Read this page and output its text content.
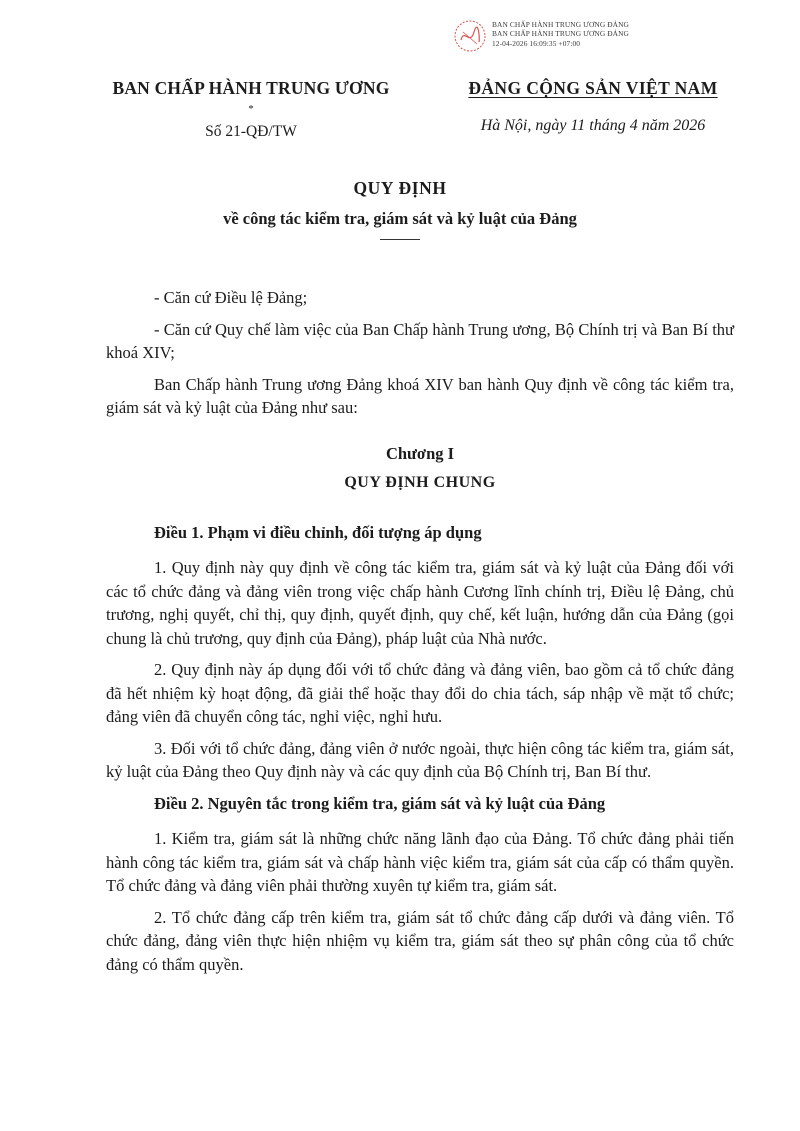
BAN CHẤP HÀNH TRUNG ƯƠNG ĐẢNG
BAN CHẤP HÀNH TRUNG ƯƠNG ĐẢNG
12-04-2026 16:09:35 +07:00
BAN CHẤP HÀNH TRUNG ƯƠNG
*
Số 21-QĐ/TW
ĐẢNG CỘNG SẢN VIỆT NAM
Hà Nội, ngày 11 tháng 4 năm 2026
QUY ĐỊNH
về công tác kiểm tra, giám sát và kỷ luật của Đảng

- Căn cứ Điều lệ Đảng;

- Căn cứ Quy chế làm việc của Ban Chấp hành Trung ương, Bộ Chính trị và Ban Bí thư khoá XIV;

Ban Chấp hành Trung ương Đảng khoá XIV ban hành Quy định về công tác kiểm tra, giám sát và kỷ luật của Đảng như sau:

Chương I
QUY ĐỊNH CHUNG
Điều 1. Phạm vi điều chỉnh, đối tượng áp dụng

1. Quy định này quy định về công tác kiểm tra, giám sát và kỷ luật của Đảng đối với các tổ chức đảng và đảng viên trong việc chấp hành Cương lĩnh chính trị, Điều lệ Đảng, chủ trương, nghị quyết, chỉ thị, quy định, quyết định, quy chế, kết luận, hướng dẫn của Đảng (gọi chung là chủ trương, quy định của Đảng), pháp luật của Nhà nước.

2. Quy định này áp dụng đối với tổ chức đảng và đảng viên, bao gồm cả tổ chức đảng đã hết nhiệm kỳ hoạt động, đã giải thể hoặc thay đổi do chia tách, sáp nhập về mặt tổ chức; đảng viên đã chuyển công tác, nghỉ việc, nghỉ hưu.

3. Đối với tổ chức đảng, đảng viên ở nước ngoài, thực hiện công tác kiểm tra, giám sát, kỷ luật của Đảng theo Quy định này và các quy định của Bộ Chính trị, Ban Bí thư.

Điều 2. Nguyên tắc trong kiểm tra, giám sát và kỷ luật của Đảng

1. Kiểm tra, giám sát là những chức năng lãnh đạo của Đảng. Tổ chức đảng phải tiến hành công tác kiểm tra, giám sát và chấp hành việc kiểm tra, giám sát của cấp có thẩm quyền. Tổ chức đảng và đảng viên phải thường xuyên tự kiểm tra, giám sát.

2. Tổ chức đảng cấp trên kiểm tra, giám sát tổ chức đảng cấp dưới và đảng viên. Tổ chức đảng, đảng viên thực hiện nhiệm vụ kiểm tra, giám sát theo sự phân công của tổ chức đảng có thẩm quyền.
